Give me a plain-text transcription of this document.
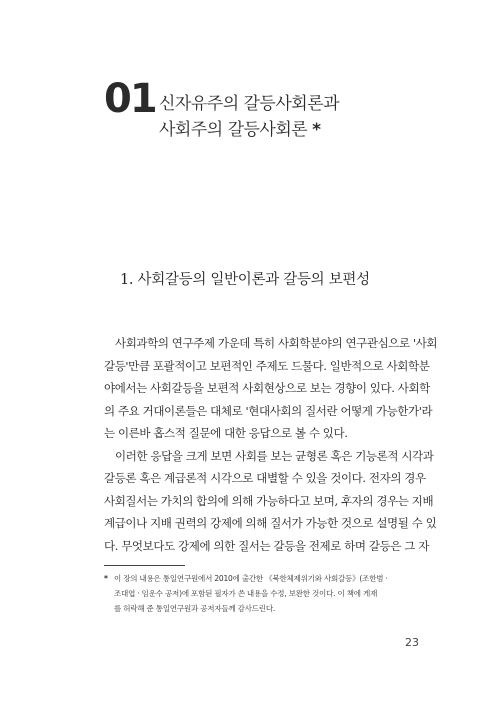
01 신자유주의 갈등사회론과
사회주의 갈등사회론 *
1. 사회갈등의 일반이론과 갈등의 보편성
사회과학의 연구주제 가운데 특히 사회학분야의 연구관심으로 '사회
갈등'만큼 포괄적이고 보편적인 주제도 드물다. 일반적으로 사회학분
야에서는 사회갈등을 보편적 사회현상으로 보는 경향이 있다. 사회학
의 주요 거대이론들은 대체로 '현대사회의 질서란 어떻게 가능한가'라
는 이른바 홉스적 질문에 대한 응답으로 볼 수 있다.
이러한 응답을 크게 보면 사회를 보는 균형론 혹은 기능론적 시각과
갈등론 혹은 계급론적 시각으로 대별할 수 있을 것이다. 전자의 경우
사회질서는 가치의 합의에 의해 가능하다고 보며, 후자의 경우는 지배
계급이나 지배 권력의 강제에 의해 질서가 가능한 것으로 설명될 수 있
다. 무엇보다도 강제에 의한 질서는 갈등을 전제로 하며 갈등은 그 자
* 이 장의 내용은 통일연구원에서 2010에 출간한 《북한체제위기와 사회갈등》(조한범 ·
조대엽 · 임운수 공저)에 포함된 필자가 쓴 내용을 수정, 보완한 것이다. 이 책에 게재
를 허락해 준 통일연구원과 공저자들께 감사드린다.
23
